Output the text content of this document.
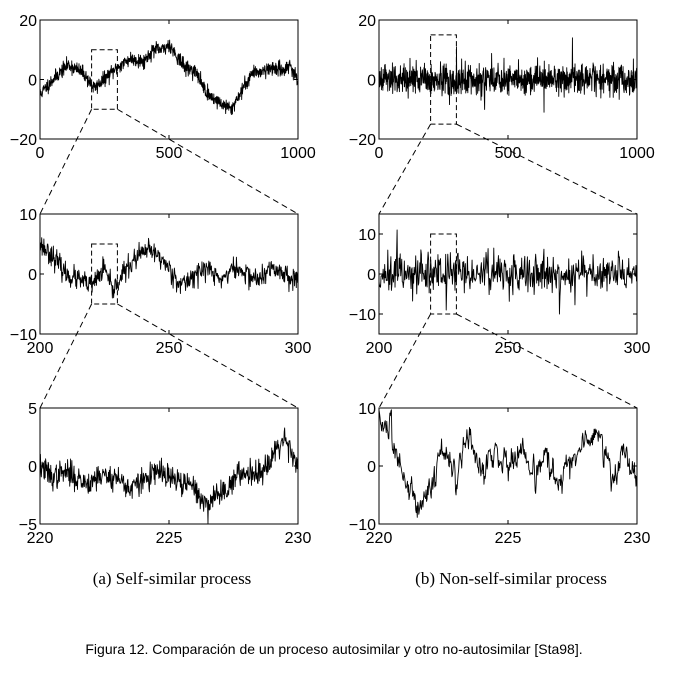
0	500	1000
−20
0
20
200	250	300
−10
0
10
220	225	230
−5
0
5
0	500	1000
−20
0
20
200	250	300
−10
0
10
220	225	230
−10
0
10
(a) Self-similar process	(b) Non-self-similar process
Figura 12. Comparación de un proceso autosimilar y otro no-autosimilar [Sta98].
